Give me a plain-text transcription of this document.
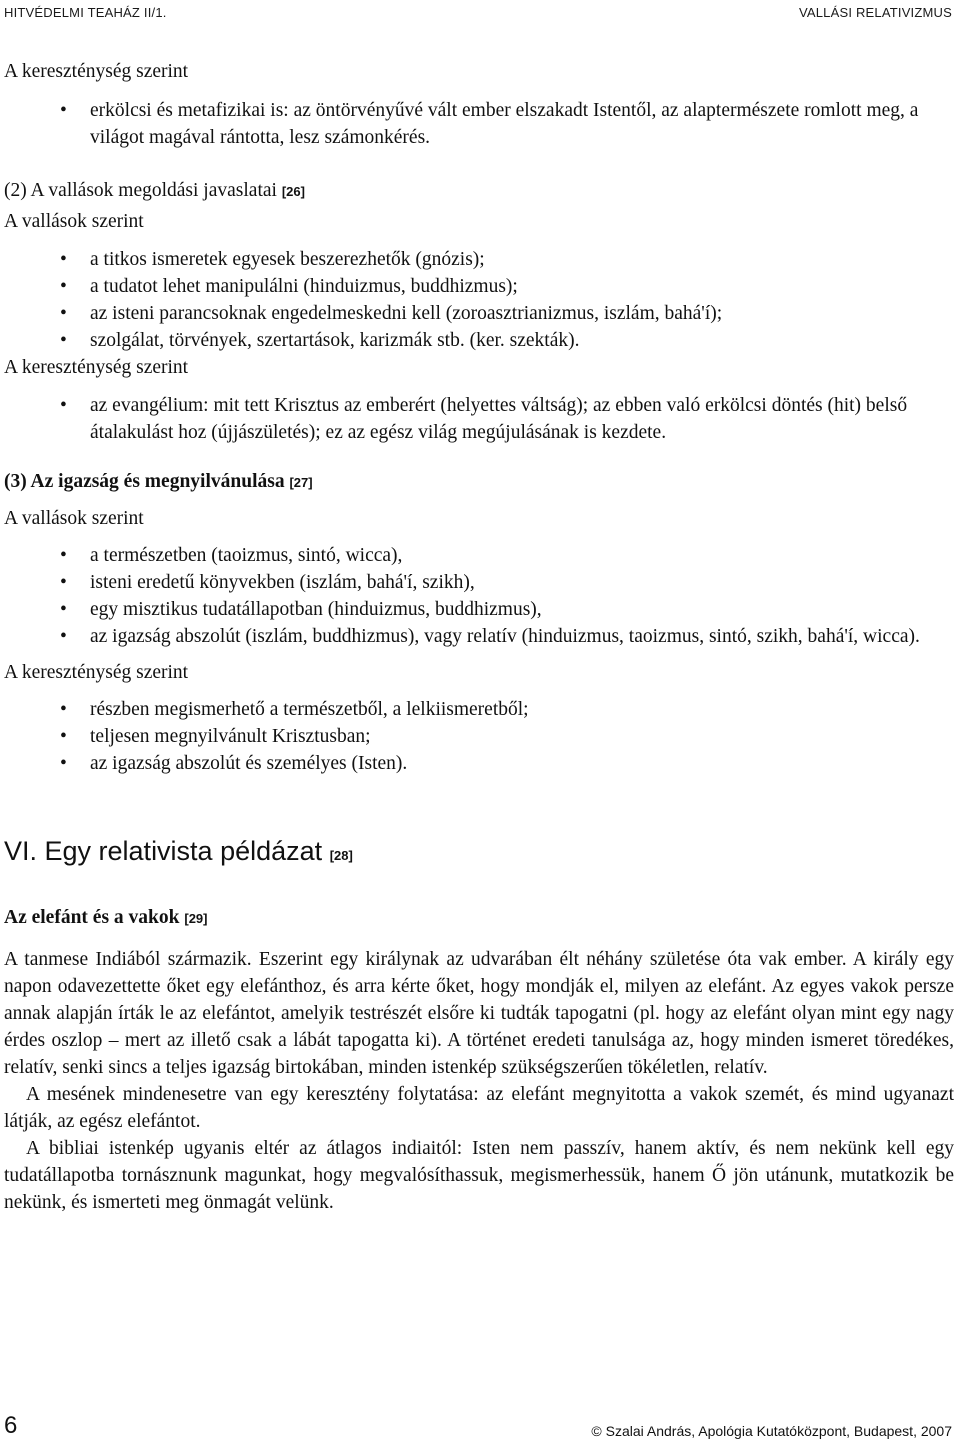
HITVÉDELMI TEAHÁZ II/1.	VALLÁSI RELATIVIZMUS

A kereszténység szerint

• erkölcsi és metafizikai is: az öntörvényűvé vált ember elszakadt Istentől, az alaptermészete romlott meg, a világot magával rántotta, lesz számonkérés.

(2) A vallások megoldási javaslatai [26]

A vallások szerint

• a titkos ismeretek egyesek beszerezhetők (gnózis);
• a tudatot lehet manipulálni (hinduizmus, buddhizmus);
• az isteni parancsoknak engedelmeskedni kell (zoroasztrianizmus, iszlám, bahá'í);
• szolgálat, törvények, szertartások, karizmák stb. (ker. szekták).

A kereszténység szerint

• az evangélium: mit tett Krisztus az emberért (helyettes váltság); az ebben való erkölcsi döntés (hit) belső átalakulást hoz (újjászületés); ez az egész világ megújulásának is kezdete.

(3) Az igazság és megnyilvánulása [27]

A vallások szerint

• a természetben (taoizmus, sintó, wicca),
• isteni eredetű könyvekben (iszlám, bahá'í, szikh),
• egy misztikus tudatállapotban (hinduizmus, buddhizmus),
• az igazság abszolút (iszlám, buddhizmus), vagy relatív (hinduizmus, taoizmus, sintó, szikh, bahá'í, wicca).

A kereszténység szerint

• részben megismerhető a természetből, a lelkiismeretből;
• teljesen megnyilvánult Krisztusban;
• az igazság abszolút és személyes (Isten).
VI. Egy relativista példázat [28]
Az elefánt és a vakok [29]

A tanmese Indiából származik. Eszerint egy királynak az udvarában élt néhány születése óta vak ember. A király egy napon odavezettette őket egy elefánthoz, és arra kérte őket, hogy mondják el, milyen az elefánt. Az egyes vakok persze annak alapján írták le az elefántot, amelyik testrészét elsőre ki tudták tapogatni (pl. hogy az elefánt olyan mint egy nagy érdes oszlop – mert az illető csak a lábát tapogatta ki). A történet eredeti tanulsága az, hogy minden ismeret töredékes, relatív, senki sincs a teljes igazság birtokában, minden istenkép szükségszerűen tökéletlen, relatív.

A mesének mindenesetre van egy keresztény folytatása: az elefánt megnyitotta a vakok szemét, és mind ugyanazt látják, az egész elefántot.

A bibliai istenkép ugyanis eltér az átlagos indiaitól: Isten nem passzív, hanem aktív, és nem nekünk kell egy tudatállapotba tornásznunk magunkat, hogy megvalósíthassuk, megismerhessük, hanem Ő jön utánunk, mutatkozik be nekünk, és ismerteti meg önmagát velünk.

6	© Szalai András, Apológia Kutatóközpont, Budapest, 2007
